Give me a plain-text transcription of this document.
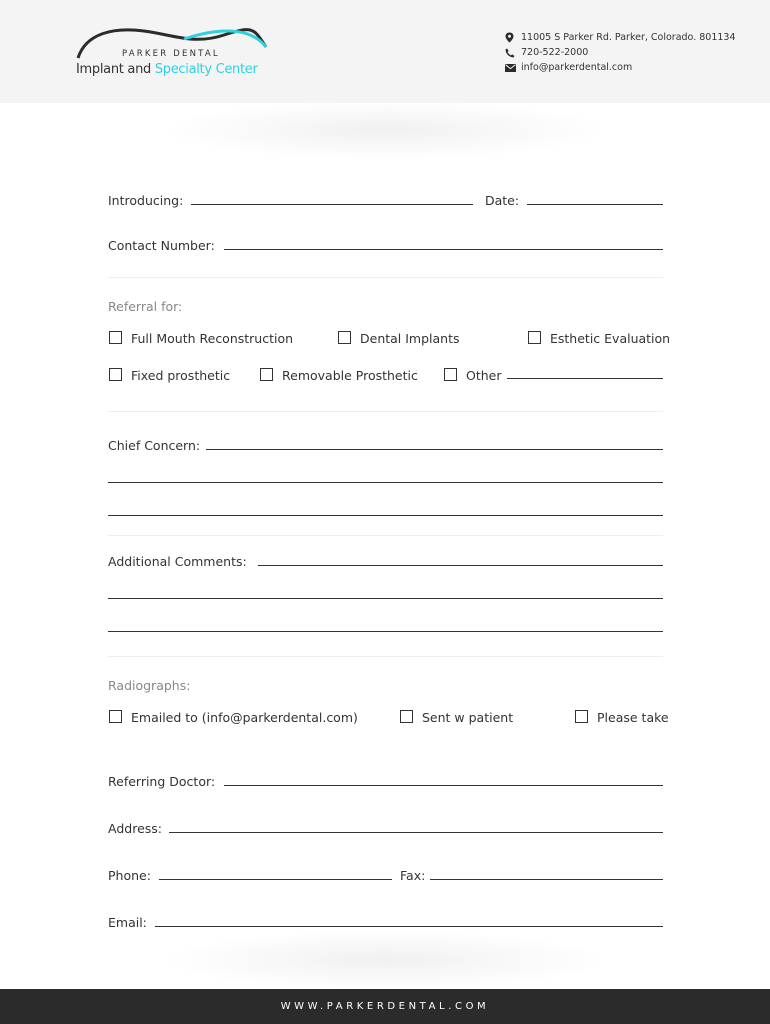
PARKER DENTAL
Implant and Specialty Center
11005 S Parker Rd. Parker, Colorado. 801134
720-522-2000
info@parkerdental.com
Introducing:	Date:
Contact Number:
Referral for:
Full Mouth Reconstruction	Dental Implants	Esthetic Evaluation
Fixed prosthetic	Removable Prosthetic	Other
Chief Concern:
Additional Comments:
Radiographs:
Emailed to (info@parkerdental.com)	Sent w patient	Please take
Referring Doctor:
Address:
Phone:	Fax:
Email:
WWW.PARKERDENTAL.COM
